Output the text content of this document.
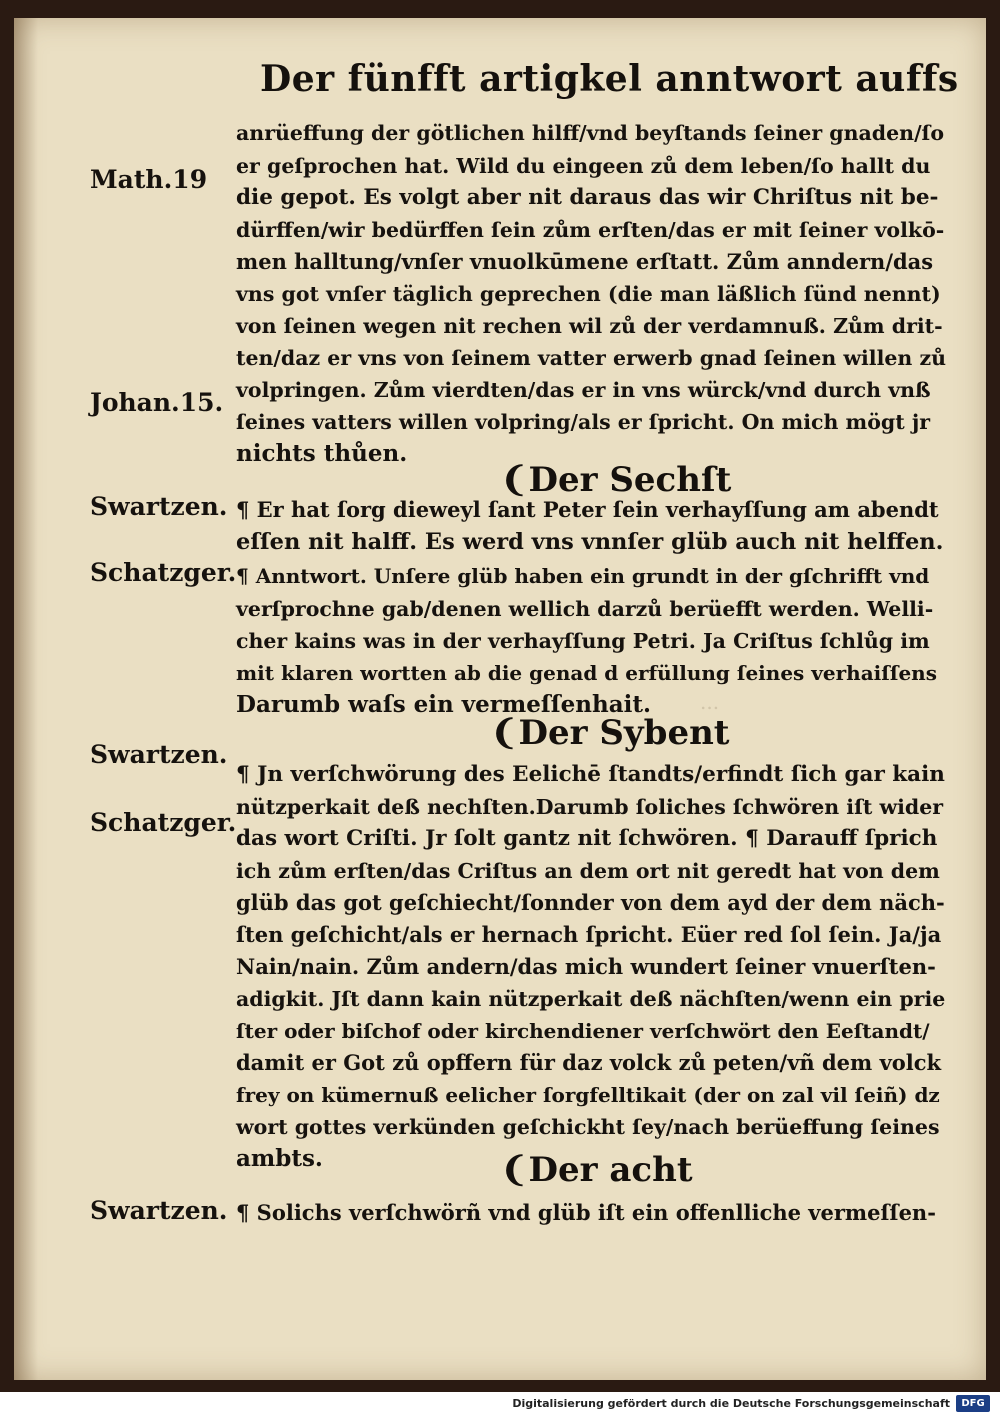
...
Der fünfft artigkel anntwort auffs
Math.19
Johan.15.
Swartzen.
Schatzger.
Swartzen.
Schatzger.
Swartzen.
anrüeffung der götlichen hilff/vnd beyſtands ſeiner gnaden/ſo
er geſprochen hat. Wild du eingeen zů dem leben/ſo hallt du
die gepot. Es volgt aber nit daraus das wir Chriſtus nit be-
dürffen/wir bedürffen ſein zům erſten/das er mit ſeiner volkō-
men halltung/vnſer vnuolkūmene erſtatt. Zům anndern/das
vns got vnſer täglich geprechen (die man läßlich ſünd nennt)
von ſeinen wegen nit rechen wil zů der verdamnuß. Zům drit-
ten/daz er vns von ſeinem vatter erwerb gnad ſeinen willen zů
volpringen. Zům vierdten/das er in vns würck/vnd durch vnß
ſeines vatters willen volpring/als er ſpricht. On mich mögt jr
nichts thůen.
❨Der Sechſt
¶ Er hat ſorg dieweyl ſant Peter ſein verhayſſung am abendt
eſſen nit halff. Es werd vns vnnſer glüb auch nit helffen.
¶ Anntwort. Unſere glüb haben ein grundt in der gſchrifft vnd
verſprochne gab/denen wellich darzů berüefft werden. Welli-
cher kains was in der verhayſſung Petri. Ja Criſtus ſchlůg im
mit klaren wortten ab die genad d erfüllung ſeines verhaiſſens
Darumb waſs ein vermeſſenhait.
❨Der Sybent
¶ Jn verſchwörung des Eelichē ſtandts/erfindt ſich gar kain
nützperkait deß nechſten.Darumb ſoliches ſchwören iſt wider
das wort Criſti. Jr ſolt gantz nit ſchwören. ¶ Darauff ſprich
ich zům erſten/das Criſtus an dem ort nit geredt hat von dem
glüb das got geſchiecht/ſonnder von dem ayd der dem näch-
ſten geſchicht/als er hernach ſpricht. Eüer red ſol ſein. Ja/ja
Nain/nain. Zům andern/das mich wundert ſeiner vnuerſten-
adigkit. Jſt dann kain nützperkait deß nächſten/wenn ein prie
ſter oder biſchof oder kirchendiener verſchwört den Eeſtandt/
damit er Got zů opffern für daz volck zů peten/vñ dem volck
frey on kümernuß eelicher ſorgfelltikait (der on zal vil ſeiñ) dz
wort gottes verkünden geſchickht ſey/nach berüeffung ſeines
ambts.	❨Der acht
¶ Solichs verſchwörñ vnd glüb iſt ein offenlliche vermeſſen-
Digitalisierung gefördert durch die Deutsche Forschungsgemeinschaft	DFG
